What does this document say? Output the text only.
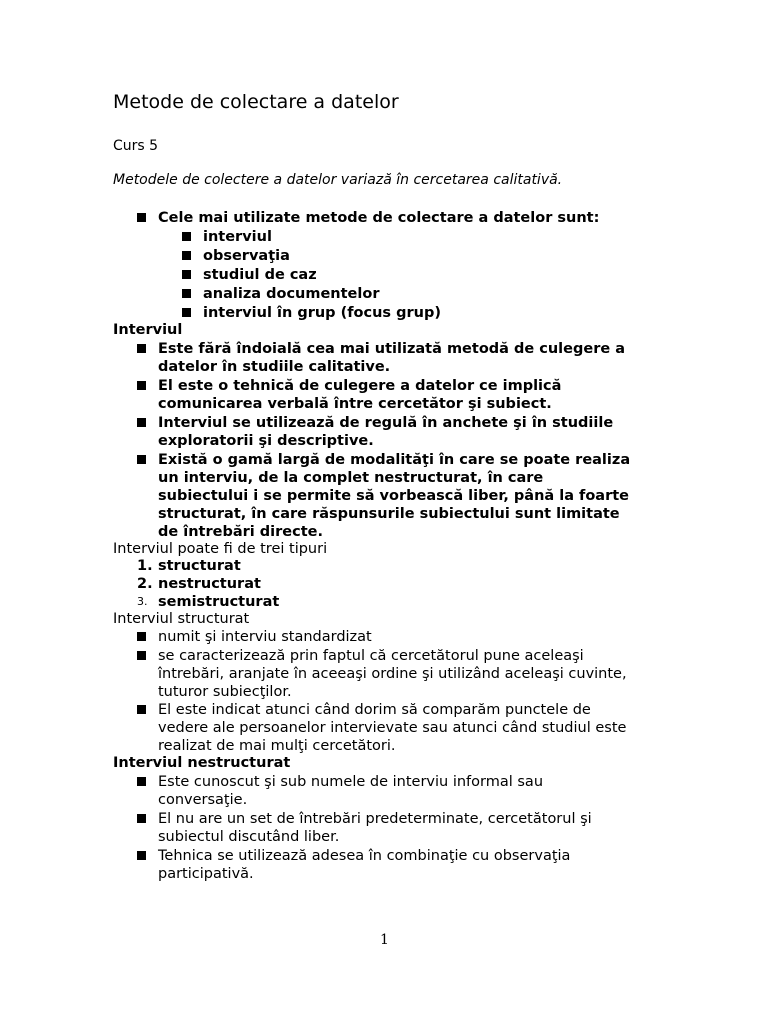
Metode de colectare a datelor
Curs 5
Metodele de colectere a datelor variază în cercetarea calitativă.
Cele mai utilizate metode de colectare a datelor sunt:
interviul
observaţia
studiul de caz
analiza documentelor
interviul în grup (focus grup)
Interviul
Este fără îndoială cea mai utilizată metodă de culegere a
datelor în studiile calitative.
El este o tehnică de culegere a datelor ce implică
comunicarea verbală între cercetător şi subiect.
Interviul se utilizează de regulă în anchete şi în studiile
exploratorii şi descriptive.
Există o gamă largă de modalităţi în care se poate realiza
un interviu, de la complet nestructurat, în care
subiectului i se permite să vorbească liber, până la foarte
structurat, în care răspunsurile subiectului sunt limitate
de întrebări directe.
Interviul poate fi de trei tipuri
1. structurat
2. nestructurat
3. semistructurat
Interviul structurat
numit şi interviu standardizat
se caracterizează prin faptul că cercetătorul pune aceleaşi
întrebări, aranjate în aceeaşi ordine şi utilizând aceleaşi cuvinte,
tuturor subiecţilor.
El este indicat atunci când dorim să comparăm punctele de
vedere ale persoanelor intervievate sau atunci când studiul este
realizat de mai mulţi cercetători.
Interviul nestructurat
Este cunoscut şi sub numele de interviu informal sau
conversaţie.
El nu are un set de întrebări predeterminate, cercetătorul şi
subiectul discutând liber.
Tehnica se utilizează adesea în combinaţie cu observaţia
participativă.
1
